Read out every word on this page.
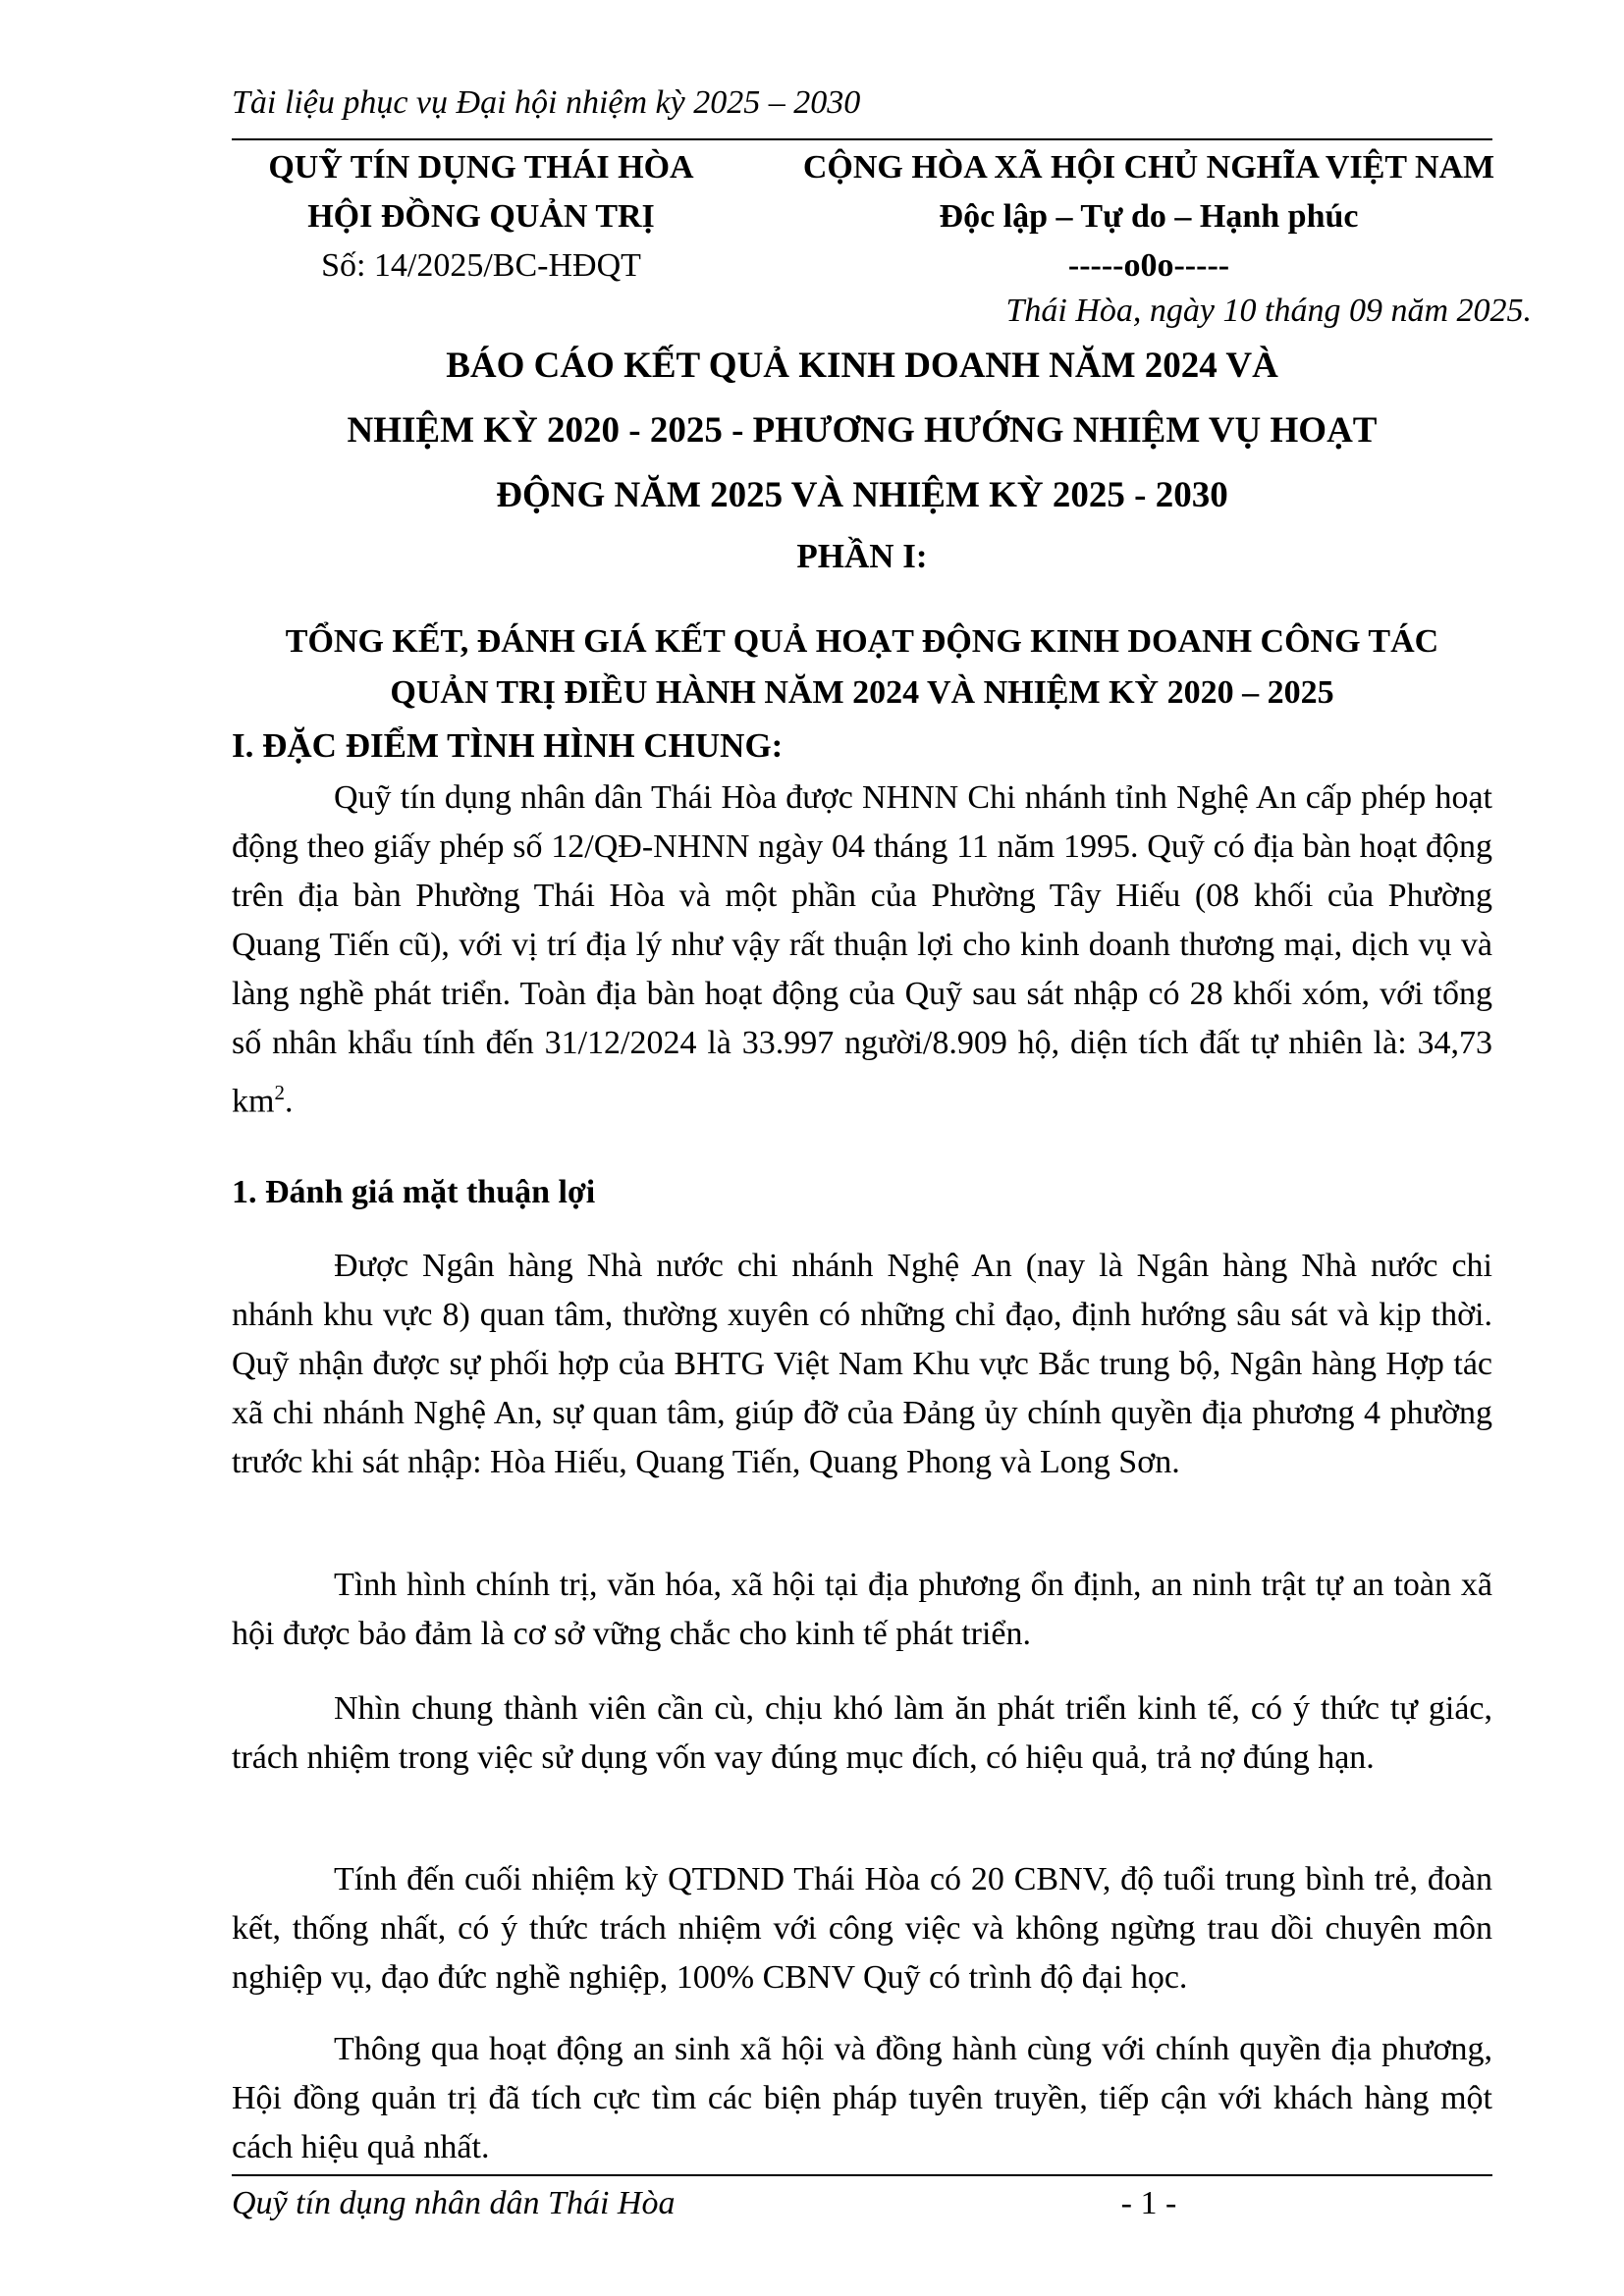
Tài liệu phục vụ Đại hội nhiệm kỳ 2025 – 2030
QUỸ TÍN DỤNG THÁI HÒA
HỘI ĐỒNG QUẢN TRỊ
Số: 14/2025/BC-HĐQT
CỘNG HÒA XÃ HỘI CHỦ NGHĨA VIỆT NAM
Độc lập – Tự do – Hạnh phúc
-----o0o-----
Thái Hòa, ngày 10 tháng 09 năm 2025.
BÁO CÁO KẾT QUẢ KINH DOANH NĂM 2024 VÀ
NHIỆM KỲ 2020 - 2025 - PHƯƠNG HƯỚNG NHIỆM VỤ HOẠT
ĐỘNG NĂM 2025 VÀ NHIỆM KỲ 2025 - 2030
PHẦN I:
TỔNG KẾT, ĐÁNH GIÁ KẾT QUẢ HOẠT ĐỘNG KINH DOANH CÔNG TÁC
QUẢN TRỊ ĐIỀU HÀNH NĂM 2024 VÀ NHIỆM KỲ 2020 – 2025
I. ĐẶC ĐIỂM TÌNH HÌNH CHUNG:
Quỹ tín dụng nhân dân Thái Hòa được NHNN Chi nhánh tỉnh Nghệ An cấp phép hoạt động theo giấy phép số 12/QĐ-NHNN ngày 04 tháng 11 năm 1995. Quỹ có địa bàn hoạt động trên địa bàn Phường Thái Hòa và một phần của Phường Tây Hiếu (08 khối của Phường Quang Tiến cũ), với vị trí địa lý như vậy rất thuận lợi cho kinh doanh thương mại, dịch vụ và làng nghề phát triển. Toàn địa bàn hoạt động của Quỹ sau sát nhập có 28 khối xóm, với tổng số nhân khẩu tính đến 31/12/2024 là 33.997 người/8.909 hộ, diện tích đất tự nhiên là: 34,73 $km^2$.
1. Đánh giá mặt thuận lợi
Được Ngân hàng Nhà nước chi nhánh Nghệ An (nay là Ngân hàng Nhà nước chi nhánh khu vực 8) quan tâm, thường xuyên có những chỉ đạo, định hướng sâu sát và kịp thời. Quỹ nhận được sự phối hợp của BHTG Việt Nam Khu vực Bắc trung bộ, Ngân hàng Hợp tác xã chi nhánh Nghệ An, sự quan tâm, giúp đỡ của Đảng ủy chính quyền địa phương 4 phường trước khi sát nhập: Hòa Hiếu, Quang Tiến, Quang Phong và Long Sơn.
Tình hình chính trị, văn hóa, xã hội tại địa phương ổn định, an ninh trật tự an toàn xã hội được bảo đảm là cơ sở vững chắc cho kinh tế phát triển.
Nhìn chung thành viên cần cù, chịu khó làm ăn phát triển kinh tế, có ý thức tự giác, trách nhiệm trong việc sử dụng vốn vay đúng mục đích, có hiệu quả, trả nợ đúng hạn.
Tính đến cuối nhiệm kỳ QTDND Thái Hòa có 20 CBNV, độ tuổi trung bình trẻ, đoàn kết, thống nhất, có ý thức trách nhiệm với công việc và không ngừng trau dồi chuyên môn nghiệp vụ, đạo đức nghề nghiệp, 100% CBNV Quỹ có trình độ đại học.
Thông qua hoạt động an sinh xã hội và đồng hành cùng với chính quyền địa phương, Hội đồng quản trị đã tích cực tìm các biện pháp tuyên truyền, tiếp cận với khách hàng một cách hiệu quả nhất.
Quỹ tín dụng nhân dân Thái Hòa	- 1 -
